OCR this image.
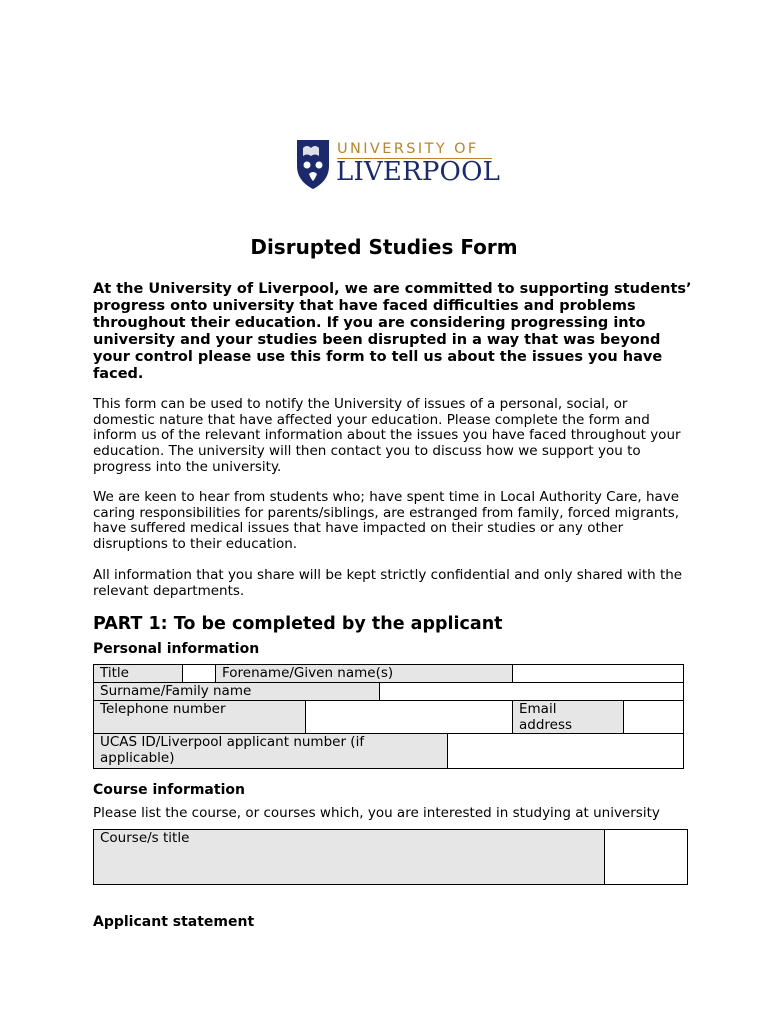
UNIVERSITY OF
LIVERPOOL
Disrupted Studies Form
At the University of Liverpool, we are committed to supporting students’ progress onto university that have faced difficulties and problems throughout their education. If you are considering progressing into university and your studies been disrupted in a way that was beyond your control please use this form to tell us about the issues you have faced.
This form can be used to notify the University of issues of a personal, social, or domestic nature that have affected your education. Please complete the form and inform us of the relevant information about the issues you have faced throughout your education. The university will then contact you to discuss how we support you to progress into the university.
We are keen to hear from students who; have spent time in Local Authority Care, have caring responsibilities for parents/siblings, are estranged from family, forced migrants, have suffered medical issues that have impacted on their studies or any other disruptions to their education.
All information that you share will be kept strictly confidential and only shared with the relevant departments.
PART 1: To be completed by the applicant
Personal information
Title	Forename/Given name(s)
Surname/Family name
Telephone number	Email address
UCAS ID/Liverpool applicant number (if applicable)
Course information
Please list the course, or courses which, you are interested in studying at university
Course/s title
Applicant statement
